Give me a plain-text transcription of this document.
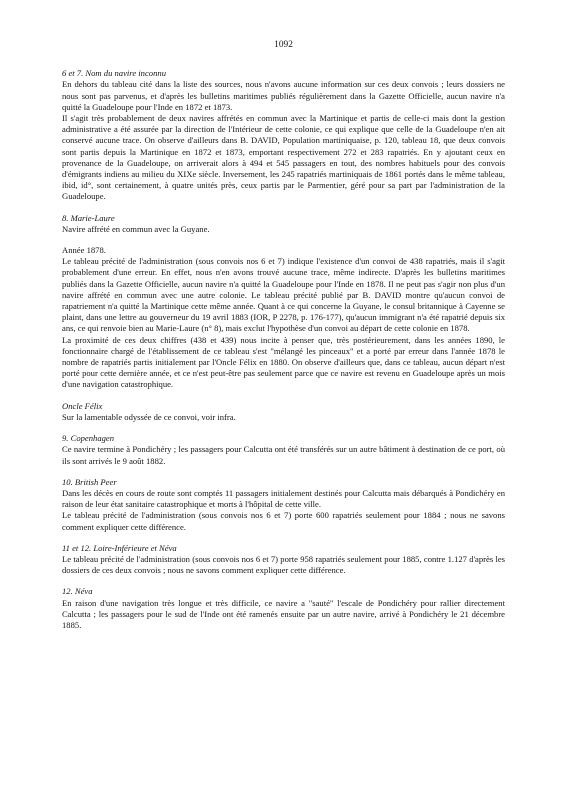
1092
6 et 7. Nom du navire inconnu

En dehors du tableau cité dans la liste des sources, nous n'avons aucune information sur ces deux convois ; leurs dossiers ne nous sont pas parvenus, et d'après les bulletins maritimes publiés régulièrement dans la Gazette Officielle, aucun navire n'a quitté la Guadeloupe pour l'Inde en 1872 et 1873.

Il s'agit très probablement de deux navires affrétés en commun avec la Martinique et partis de celle-ci mais dont la gestion administrative a été assurée par la direction de l'Intérieur de cette colonie, ce qui explique que celle de la Guadeloupe n'en ait conservé aucune trace. On observe d'ailleurs dans B. DAVID, Population martiniquaise, p. 120, tableau 18, que deux convois sont partis depuis la Martinique en 1872 et 1873, emportant respectivement 272 et 283 rapatriés. En y ajoutant ceux en provenance de la Guadeloupe, on arriverait alors à 494 et 545 passagers en tout, des nombres habituels pour des convois d'émigrants indiens au milieu du XIXe siècle. Inversement, les 245 rapatriés martiniquais de 1861 portés dans le même tableau, ibid, id°, sont certainement, à quatre unités près, ceux partis par le Parmentier, géré pour sa part par l'administration de la Guadeloupe.

8. Marie-Laure

Navire affrété en commun avec la Guyane.

Année 1878.

Le tableau précité de l'administration (sous convois nos 6 et 7) indique l'existence d'un convoi de 438 rapatriés, mais il s'agit probablement d'une erreur. En effet, nous n'en avons trouvé aucune trace, même indirecte. D'après les bulletins maritimes publiés dans la Gazette Officielle, aucun navire n'a quitté la Guadeloupe pour l'Inde en 1878. Il ne peut pas s'agir non plus d'un navire affrété en commun avec une autre colonie. Le tableau précité publié par B. DAVID montre qu'aucun convoi de rapatriement n'a quitté la Martinique cette même année. Quant à ce qui concerne la Guyane, le consul britannique à Cayenne se plaint, dans une lettre au gouverneur du 19 avril 1883 (IOR, P 2278, p. 176-177), qu'aucun immigrant n'a été rapatrié depuis six ans, ce qui renvoie bien au Marie-Laure (n° 8), mais exclut l'hypothèse d'un convoi au départ de cette colonie en 1878.

La proximité de ces deux chiffres (438 et 439) nous incite à penser que, très postérieurement, dans les années 1890, le fonctionnaire chargé de l'établissement de ce tableau s'est "mélangé les pinceaux" et a porté par erreur dans l'année 1878 le nombre de rapatriés partis initialement par l'Oncle Félix en 1880. On observe d'ailleurs que, dans ce tableau, aucun départ n'est porté pour cette dernière année, et ce n'est peut-être pas seulement parce que ce navire est revenu en Guadeloupe après un mois d'une navigation catastrophique.

Oncle Félix

Sur la lamentable odyssée de ce convoi, voir infra.

9. Copenhagen

Ce navire termine à Pondichéry ; les passagers pour Calcutta ont été transférés sur un autre bâtiment à destination de ce port, où ils sont arrivés le 9 août 1882.

10. British Peer

Dans les décès en cours de route sont comptés 11 passagers initialement destinés pour Calcutta mais débarqués à Pondichéry en raison de leur état sanitaire catastrophique et morts à l'hôpital de cette ville.

Le tableau précité de l'administration (sous convois nos 6 et 7) porte 600 rapatriés seulement pour 1884 ; nous ne savons comment expliquer cette différence.

11 et 12. Loire-Inférieure et Néva

Le tableau précité de l'administration (sous convois nos 6 et 7) porte 958 rapatriés seulement pour 1885, contre 1.127 d'après les dossiers de ces deux convois ; nous ne savons comment expliquer cette différence.

12. Néva

En raison d'une navigation très longue et très difficile, ce navire a "sauté" l'escale de Pondichéry pour rallier directement Calcutta ; les passagers pour le sud de l'Inde ont été ramenés ensuite par un autre navire, arrivé à Pondichéry le 21 décembre 1885.
